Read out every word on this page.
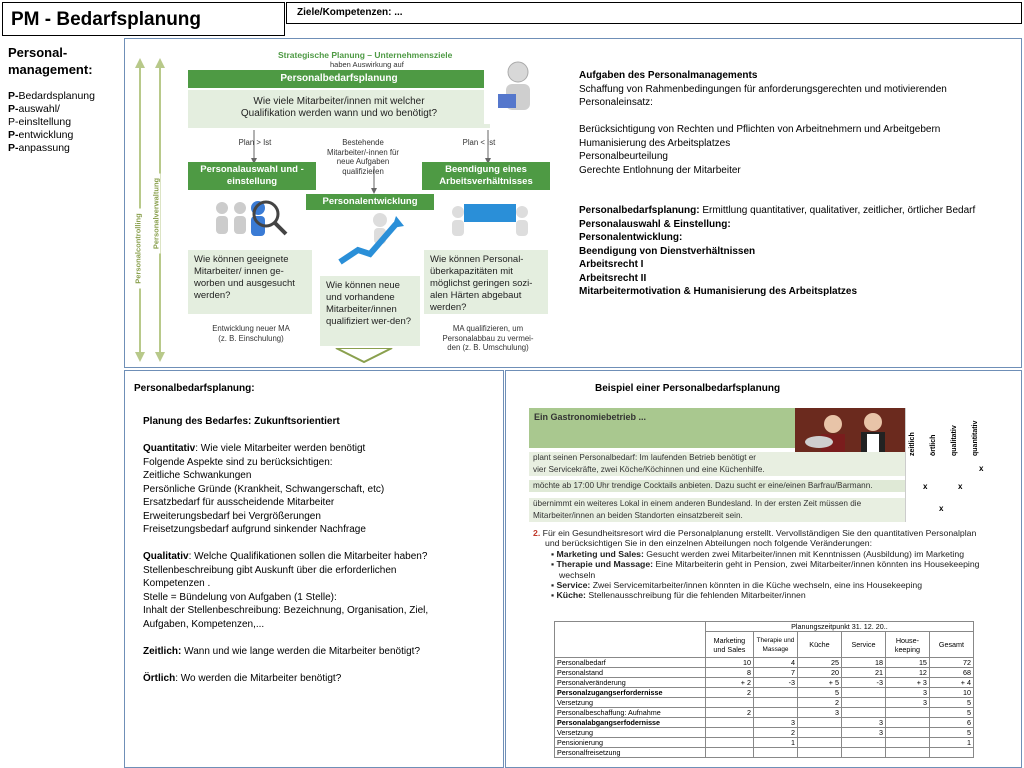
PM - Bedarfsplanung	Ziele/Kompetenzen: ...
Personal-
management:
P-Bedardsplanung
P-auswahl/
P-einsltellung
P-entwicklung
P-anpassung
Personalcontrolling Personalverwaltung
Strategische Planung – Unternehmensziele
haben Auswirkung auf
Personalbedarfsplanung
Wie viele Mitarbeiter/innen mit welcher Qualifikation werden wann und wo benötigt?
Plan > Ist	Bestehende Mitarbeiter/-innen für neue Aufgaben qualifizieren
Plan < Ist
Personalauswahl und -einstellung
Personalentwicklung
Beendigung eines Arbeitsverhältnisses
Wie können geeignete Mitarbeiter/ innen ge-worben und ausgesucht werden?
Wie können neue und vorhandene Mitarbeiter/innen qualifiziert wer-den?
Wie können Personal-überkapazitäten mit möglichst geringen sozi-alen Härten abgebaut werden?
Entwicklung neuer MA (z. B. Einschulung)
MA qualifizieren, um Personalabbau zu vermei-den (z. B. Umschulung)
Aufgaben des Personalmanagements
Schaffung von Rahmenbedingungen für anforderungsgerechten und motivierenden Personaleinsatz:
Berücksichtigung von Rechten und Pflichten von Arbeitnehmern und Arbeitgebern
Humanisierung des Arbeitsplatzes
Personalbeurteilung
Gerechte Entlohnung der Mitarbeiter
Personalbedarfsplanung: Ermittlung quantitativer, qualitativer, zeitlicher, örtlicher Bedarf
Personalauswahl & Einstellung:
Personalentwicklung:
Beendigung von Dienstverhältnissen
Arbeitsrecht I
Arbeitsrecht II
Mitarbeitermotivation & Humanisierung des Arbeitsplatzes
Personalbedarfsplanung:
Planung des Bedarfes: Zukunftsorientiert
Quantitativ: Wie viele Mitarbeiter werden benötigt
Folgende Aspekte sind zu berücksichtigen:
Zeitliche Schwankungen
Persönliche Gründe (Krankheit, Schwangerschaft, etc)
Ersatzbedarf für ausscheidende Mitarbeiter
Erweiterungsbedarf bei Vergrößerungen
Freisetzungsbedarf aufgrund sinkender Nachfrage
Qualitativ: Welche Qualifikationen sollen die Mitarbeiter haben?
Stellenbeschreibung gibt Auskunft über die erforderlichen Kompetenzen .
Stelle = Bündelung von Aufgaben (1 Stelle):
Inhalt der Stellenbeschreibung: Bezeichnung, Organisation, Ziel, Aufgaben, Kompetenzen,...
Zeitlich: Wann und wie lange werden die Mitarbeiter benötigt?
Örtlich: Wo werden die Mitarbeiter benötigt?
Beispiel einer Personalbedarfsplanung
Ein Gastronomiebetrieb ...
zeitlich örtlich qualitativ quantitativ
plant seinen Personalbedarf: Im laufenden Betrieb benötigt er
vier Servicekräfte, zwei Köche/Köchinnen und eine Küchenhilfe.
möchte ab 17:00 Uhr trendige Cocktails anbieten. Dazu sucht er eine/einen Barfrau/Barmann.
übernimmt ein weiteres Lokal in einem anderen Bundesland. In der ersten Zeit müssen die
Mitarbeiter/innen an beiden Standorten einsatzbereit sein.
x
x	x
x
2. Für ein Gesundheitsresort wird die Personalplanung erstellt. Vervollständigen Sie den quantitativen Personalplan und berücksichtigen Sie in den einzelnen Abteilungen noch folgende Veränderungen:
▪ Marketing und Sales: Gesucht werden zwei Mitarbeiter/innen mit Kenntnissen (Ausbildung) im Marketing
▪ Therapie und Massage: Eine Mitarbeiterin geht in Pension, zwei Mitarbeiter/innen könnten ins Housekeeping wechseln
▪ Service: Zwei Servicemitarbeiter/innen könnten in die Küche wechseln, eine ins Housekeeping
▪ Küche: Stellenausschreibung für die fehlenden Mitarbeiter/innen
	Planungszeitpunkt 31. 12. 20..					
	Marketing und Sales	Therapie und Massage	Küche	Service	House-keeping	Gesamt
Personalbedarf	10	4	25	18	15	72
Personalstand	8	7	20	21	12	68
Personalveränderung	+ 2	-3	+ 5	-3	+ 3	+ 4
Personalzugangserfordernisse	2		5		3	10
Versetzung			2		3	5
Personalbeschaffung: Aufnahme	2		3			5
Personalabgangserfodernisse		3		3		6
Versetzung		2		3		5
Pensionierung		1				1
Personalfreisetzung						
